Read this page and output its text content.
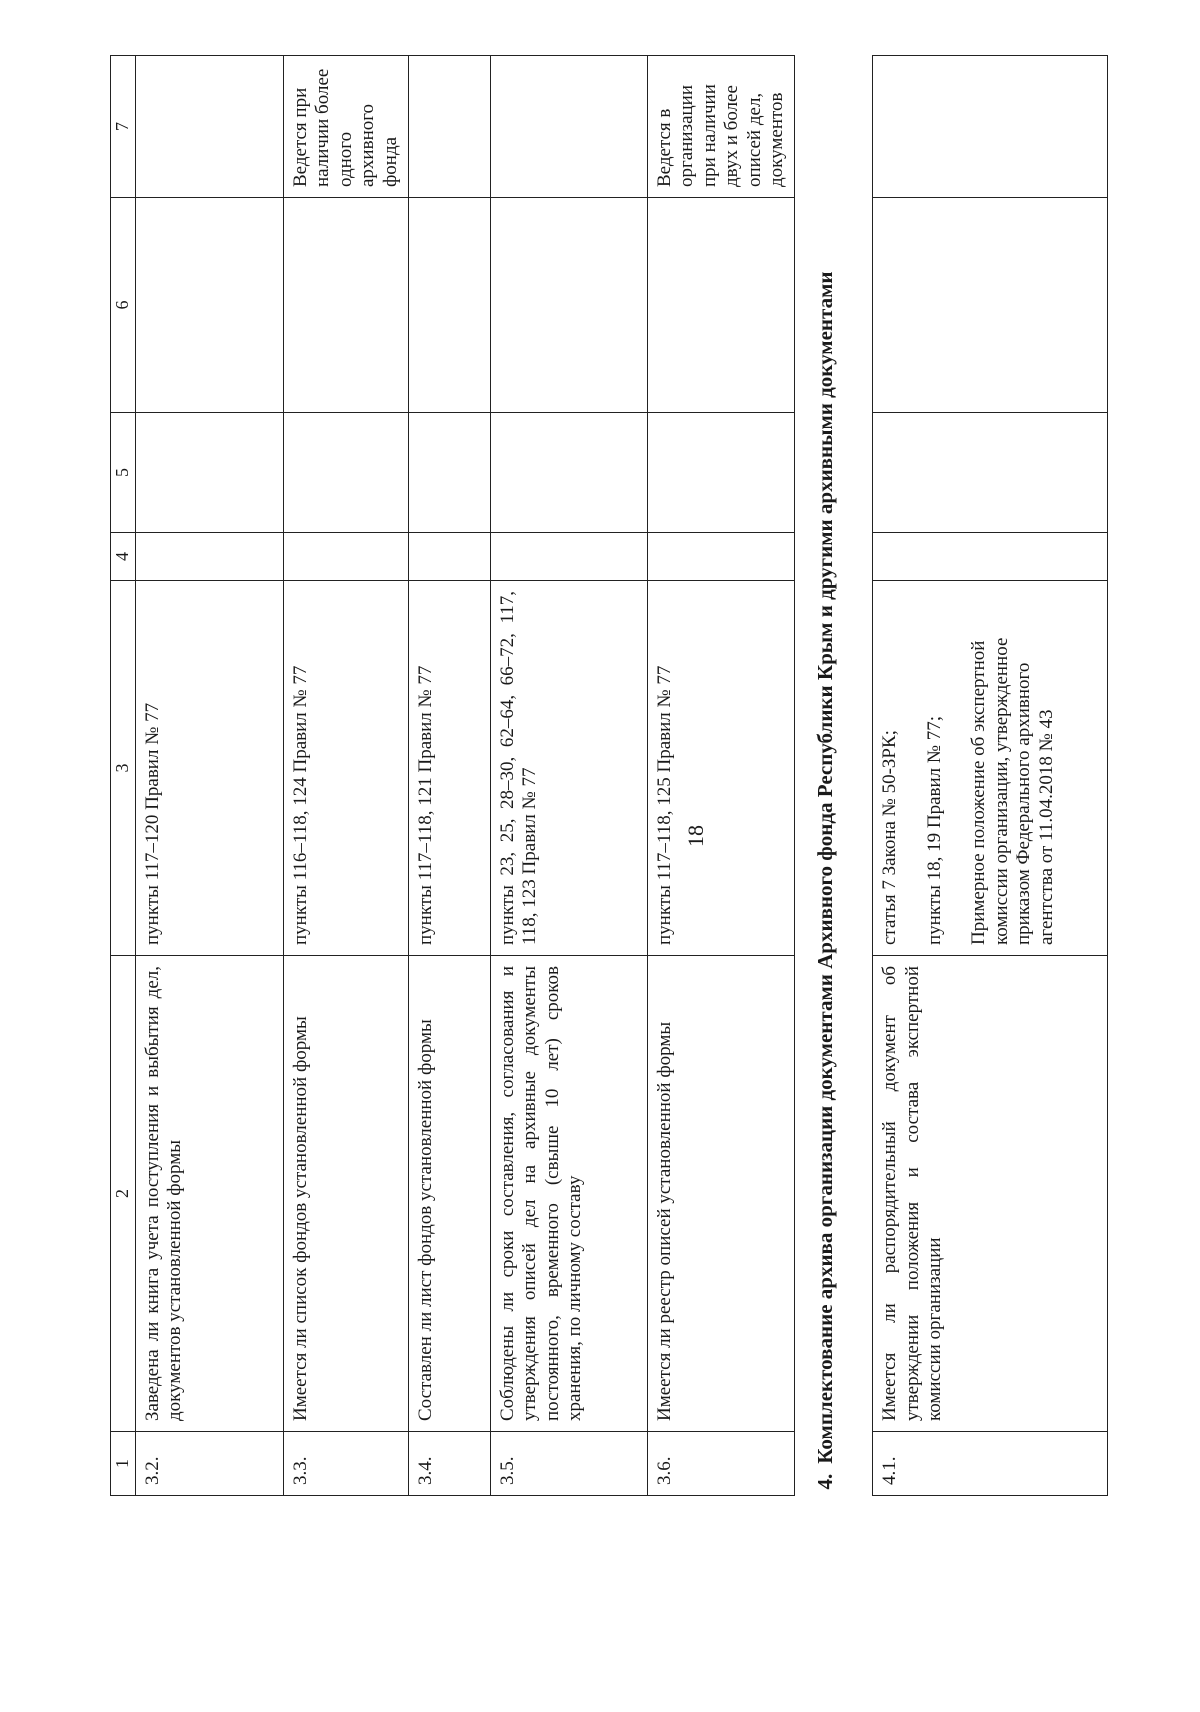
18
1	2	3	4	5	6	7
3.2.	Заведена ли книга учета поступления и выбытия дел, документов установленной формы	пункты 117–120 Правил № 77				
3.3.	Имеется ли список фондов установленной формы	пункты 116–118, 124 Правил № 77				Ведется при наличии более одного архивного фонда
3.4.	Составлен ли лист фондов установленной формы	пункты 117–118, 121 Правил № 77				
3.5.	Соблюдены ли сроки составления, согласования и утверждения описей дел на архивные документы постоянного, временного (свыше 10 лет) сроков хранения, по личному составу	пункты 23, 25, 28–30, 62–64, 66–72, 117, 118, 123 Правил № 77				
3.6.	Имеется ли реестр описей установленной формы	пункты 117–118, 125 Правил № 77				Ведется в организации при наличии двух и более описей дел, документов
4.Комплектование архива организации документами Архивного фонда Республики Крым и другими архивными документами						
4.1.	Имеется ли распорядительный документ об утверждении положения и состава экспертной комиссии организации	статья 7 Закона № 50-ЗРК; пункты 18, 19 Правил № 77; Примерное положение об экспертной комиссии организации, утвержденное приказом Федерального архивного агентства от 11.04.2018 № 43				
